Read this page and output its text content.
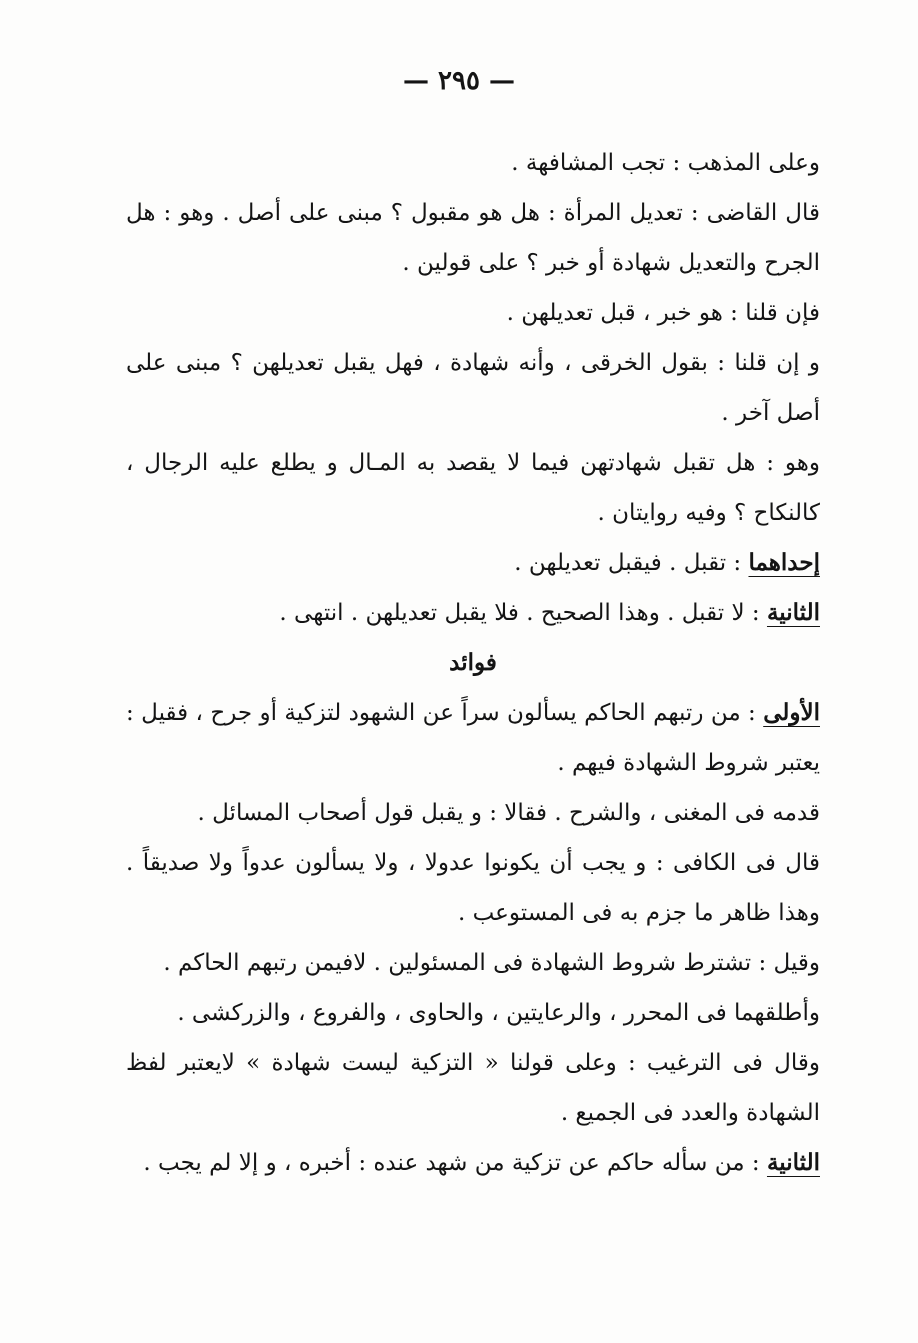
— ٢٩٥ —

وعلى المذهب : تجب المشافهة .

قال القاضى : تعديل المرأة : هل هو مقبول ؟ مبنى على أصل . وهو : هل الجرح والتعديل شهادة أو خبر ؟ على قولين .

فإن قلنا : هو خبر ، قبل تعديلهن .

و إن قلنا : بقول الخرقى ، وأنه شهادة ، فهل يقبل تعديلهن ؟ مبنى على أصل آخر .

وهو : هل تقبل شهادتهن فيما لا يقصد به المـال و يطلع عليه الرجال ، كالنكاح ؟ وفيه روايتان .

إحداهما : تقبل . فيقبل تعديلهن .

الثانية : لا تقبل . وهذا الصحيح . فلا يقبل تعديلهن . انتهى .

فوائد

الأولى : من رتبهم الحاكم يسألون سراً عن الشهود لتزكية أو جرح ، فقيل : يعتبر شروط الشهادة فيهم .

قدمه فى المغنى ، والشرح . فقالا : و يقبل قول أصحاب المسائل .

قال فى الكافى : و يجب أن يكونوا عدولا ، ولا يسألون عدواً ولا صديقاً . وهذا ظاهر ما جزم به فى المستوعب .

وقيل : تشترط شروط الشهادة فى المسئولين . لافيمن رتبهم الحاكم .

وأطلقهما فى المحرر ، والرعايتين ، والحاوى ، والفروع ، والزركشى .

وقال فى الترغيب : وعلى قولنا « التزكية ليست شهادة » لايعتبر لفظ الشهادة والعدد فى الجميع .

الثانية : من سأله حاكم عن تزكية من شهد عنده : أخبره ، و إلا لم يجب .
